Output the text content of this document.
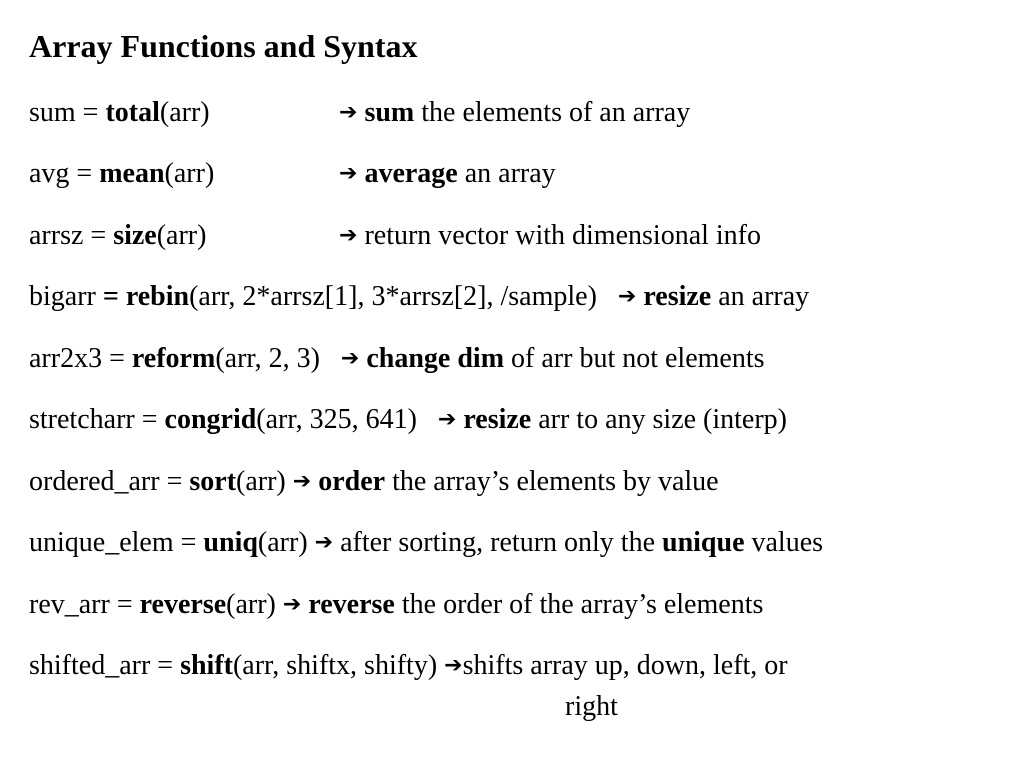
Array Functions and Syntax
sum = total(arr)	➔ sum the elements of an array
avg = mean(arr)	➔ average an array
arrsz = size(arr)	➔ return vector with dimensional info
bigarr = rebin(arr, 2*arrsz[1], 3*arrsz[2], /sample) ➔ resize an array
arr2x3 = reform(arr, 2, 3) ➔ change dim of arr but not elements
stretcharr = congrid(arr, 325, 641) ➔ resize arr to any size (interp)
ordered_arr = sort(arr) ➔ order the array’s elements by value
unique_elem = uniq(arr) ➔ after sorting, return only the unique values
rev_arr = reverse(arr) ➔ reverse the order of the array’s elements
shifted_arr = shift(arr, shiftx, shifty) ➔shifts array up, down, left, or
right
